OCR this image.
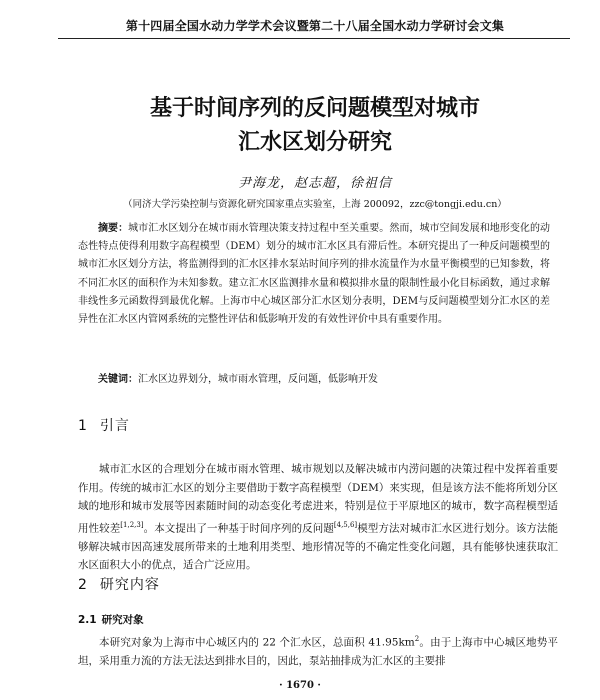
第十四届全国水动力学学术会议暨第二十八届全国水动力学研讨会文集
基于时间序列的反问题模型对城市
汇水区划分研究
尹海龙，赵志超，徐祖信
（同济大学污染控制与资源化研究国家重点实验室，上海 200092，zzc@tongji.edu.cn）
摘要：城市汇水区划分在城市雨水管理决策支持过程中至关重要。然而，城市空间发展和地形变化的动态性特点使得利用数字高程模型（DEM）划分的城市汇水区具有滞后性。本研究提出了一种反问题模型的城市汇水区划分方法，将监测得到的汇水区排水泵站时间序列的排水流量作为水量平衡模型的已知参数，将不同汇水区的面积作为未知参数。建立汇水区监测排水量和模拟排水量的限制性最小化目标函数，通过求解非线性多元函数得到最优化解。上海市中心城区部分汇水区划分表明，DEM与反问题模型划分汇水区的差异性在汇水区内管网系统的完整性评估和低影响开发的有效性评价中具有重要作用。
关键词：汇水区边界划分，城市雨水管理，反问题，低影响开发
1 引言
城市汇水区的合理划分在城市雨水管理、城市规划以及解决城市内涝问题的决策过程中发挥着重要作用。传统的城市汇水区的划分主要借助于数字高程模型（DEM）来实现，但是该方法不能将所划分区域的地形和城市发展等因素随时间的动态变化考虑进来，特别是位于平原地区的城市，数字高程模型适用性较差[1,2,3]。本文提出了一种基于时间序列的反问题[4,5,6]模型方法对城市汇水区进行划分。该方法能够解决城市因高速发展所带来的土地利用类型、地形情况等的不确定性变化问题，具有能够快速获取汇水区面积大小的优点，适合广泛应用。
2 研究内容
2.1 研究对象
本研究对象为上海市中心城区内的 22 个汇水区，总面积 $41.95km^2$。由于上海市中心城区地势平坦，采用重力流的方法无法达到排水目的，因此，泵站抽排成为汇水区的主要排
· 1670 ·
